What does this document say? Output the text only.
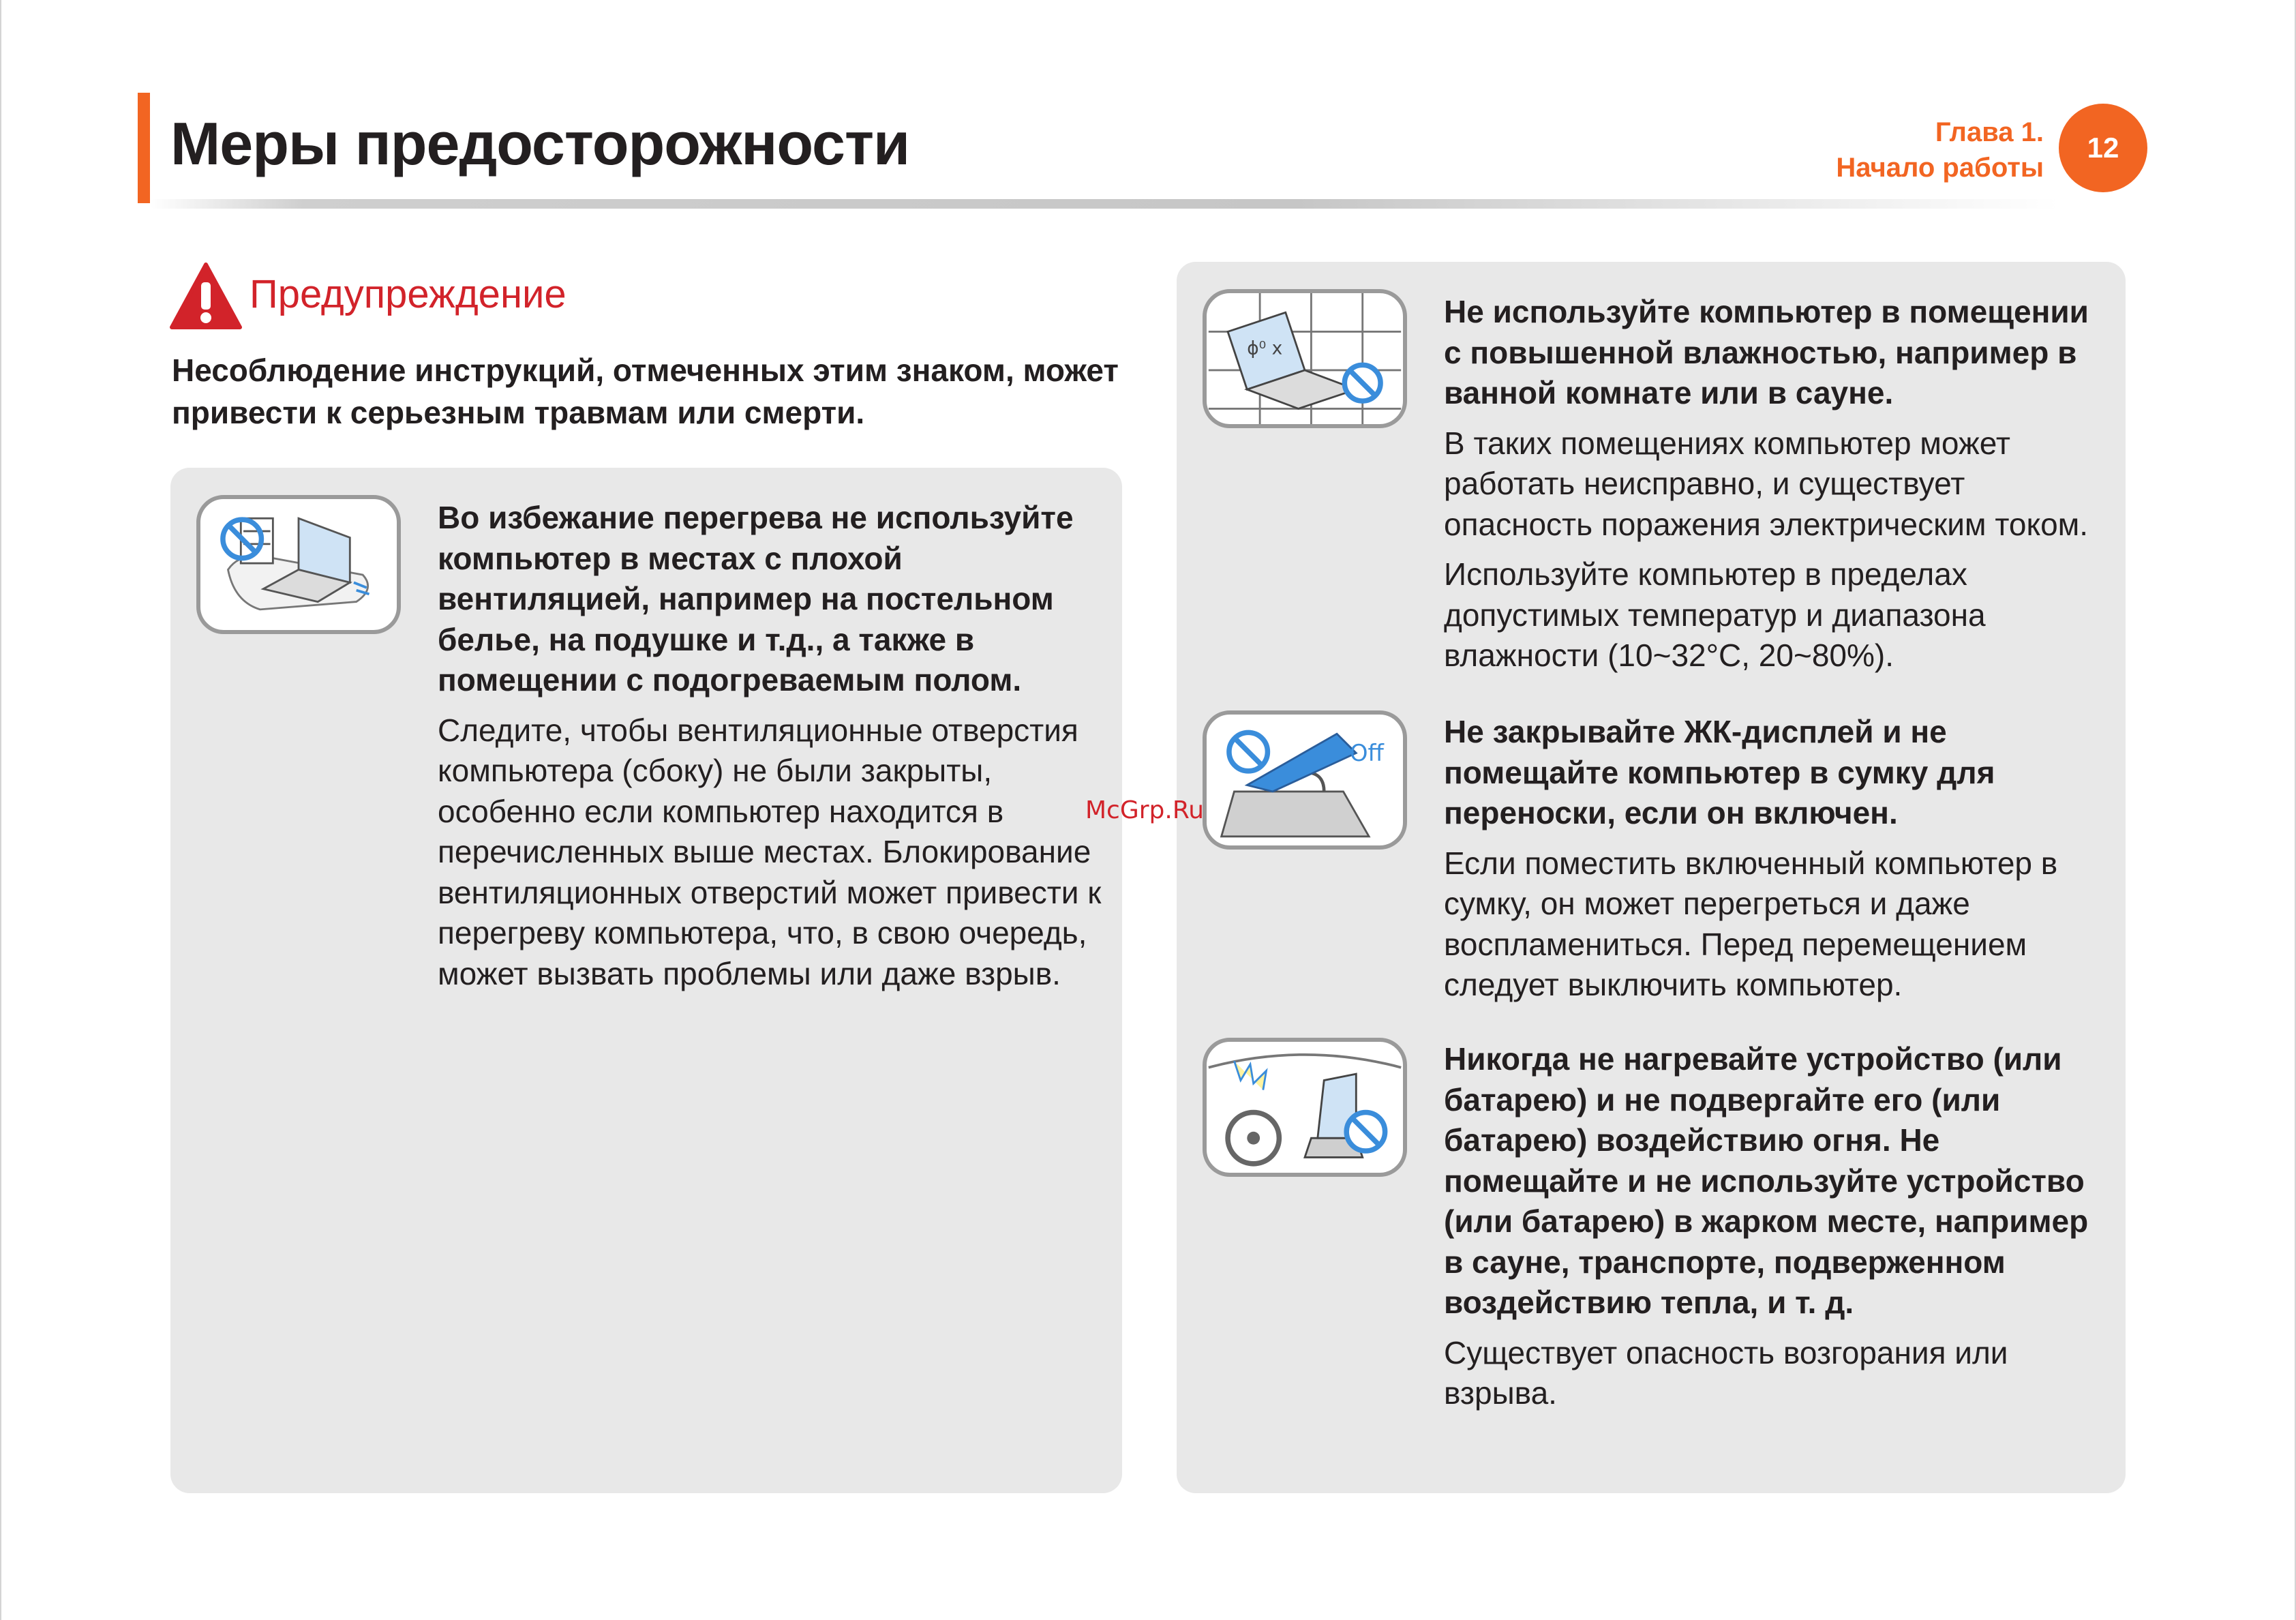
Меры предосторожности	Глава 1.
Начало работы
12
Предупреждение
Несоблюдение инструкций, отмеченных этим знаком, может привести к серьезным травмам или смерти.
Во избежание перегрева не используйте компьютер в местах с плохой вентиляцией, например на постельном белье, на подушке и т.д., а также в помещении с подогреваемым полом.

Следите, чтобы вентиляционные отверстия компьютера (сбоку) не были закрыты, особенно если компьютер находится в перечисленных выше местах. Блокирование вентиляционных отверстий может привести к перегреву компьютера, что, в свою очередь, может вызвать проблемы или даже взрыв.

ϕ⁰ x
Не используйте компьютер в помещении с повышенной влажностью, например в ванной комнате или в сауне.

В таких помещениях компьютер может работать неисправно, и существует опасность поражения электрическим током.

Используйте компьютер в пределах допустимых температур и диапазона влажности (10~32°C, 20~80%).

Off
Не закрывайте ЖК-дисплей и не помещайте компьютер в сумку для переноски, если он включен.

Если поместить включенный компьютер в сумку, он может перегреться и даже воспламениться. Перед перемещением следует выключить компьютер.

Никогда не нагревайте устройство (или батарею) и не подвергайте его (или батарею) воздействию огня. Не помещайте и не используйте устройство (или батарею) в жарком месте, например в сауне, транспорте, подверженном воздействию тепла, и т. д.

Существует опасность возгорания или взрыва.

McGrp.Ru
